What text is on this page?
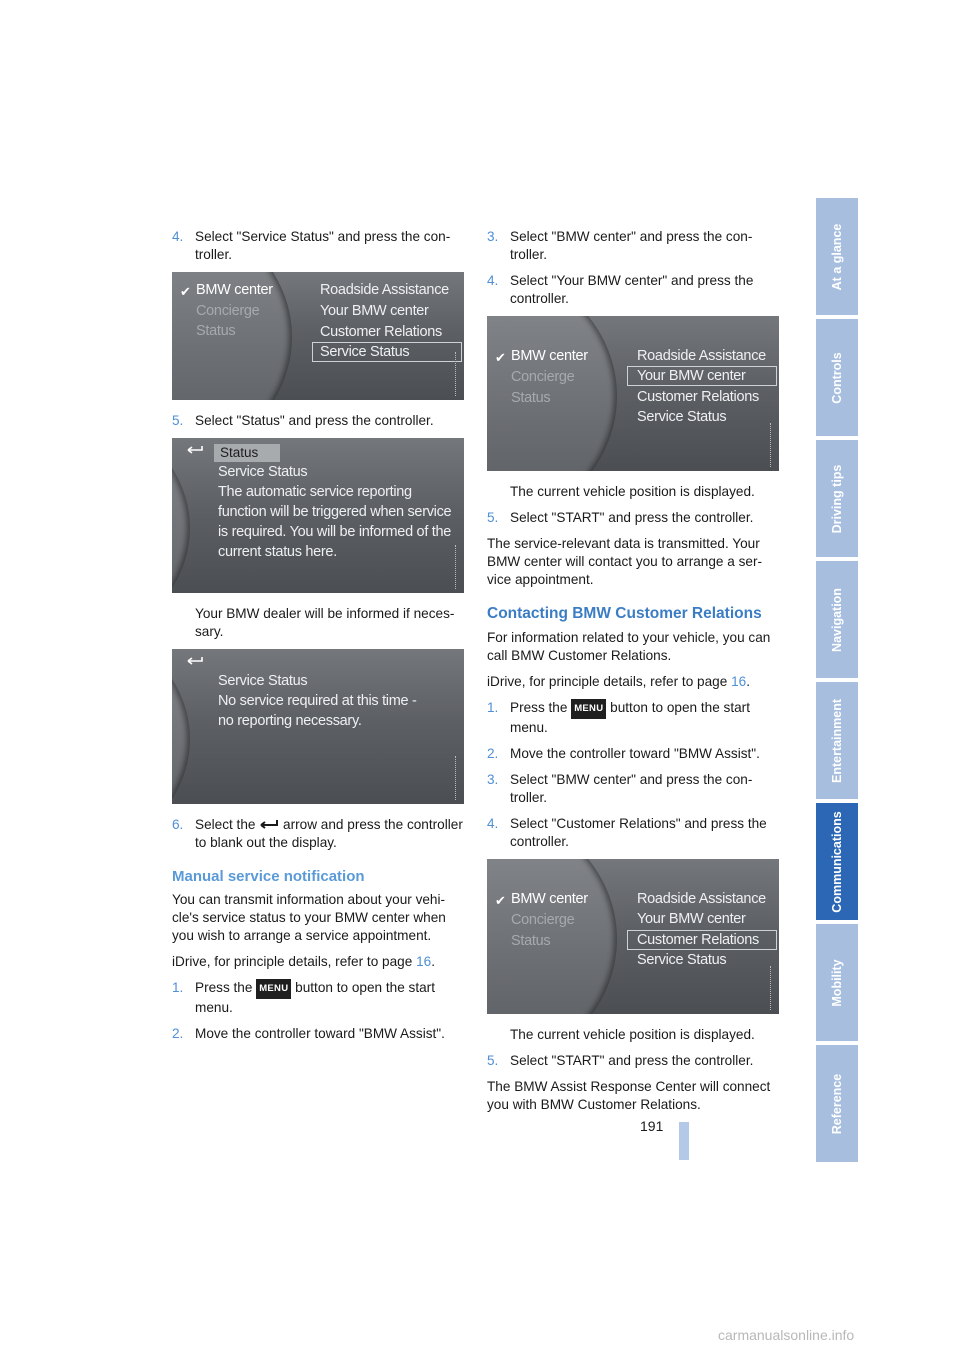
4. Select "Service Status" and press the con-troller.
✔ BMW center
Concierge
Status
Roadside Assistance
Your BMW center
Customer Relations
Service Status
5. Select "Status" and press the controller.
Status
Service Status
The automatic service reporting
function will be triggered when service
is required. You will be informed of the
current status here.
Your BMW dealer will be informed if neces-sary.
Service Status
No service required at this time -
no reporting necessary.
6. Select the arrow and press the controller to blank out the display.
Manual service notification
You can transmit information about your vehi-cle's service status to your BMW center when you wish to arrange a service appointment.
iDrive, for principle details, refer to page 16.
1. Press the MENU button to open the start menu.
2. Move the controller toward "BMW Assist".
3. Select "BMW center" and press the con-troller.
4. Select "Your BMW center" and press the controller.
✔ BMW center
Concierge
Status
Roadside Assistance
Your BMW center
Customer Relations
Service Status
The current vehicle position is displayed.
5. Select "START" and press the controller.
The service-relevant data is transmitted. Your BMW center will contact you to arrange a ser-vice appointment.
Contacting BMW Customer Relations
For information related to your vehicle, you can call BMW Customer Relations.
iDrive, for principle details, refer to page 16.
1. Press the MENU button to open the start menu.
2. Move the controller toward "BMW Assist".
3. Select "BMW center" and press the con-troller.
4. Select "Customer Relations" and press the controller.
✔ BMW center
Concierge
Status
Roadside Assistance
Your BMW center
Customer Relations
Service Status
The current vehicle position is displayed.
5. Select "START" and press the controller.
The BMW Assist Response Center will connect you with BMW Customer Relations.
At a glance
Controls
Driving tips
Navigation
Entertainment
Communications
Mobility
Reference
191
carmanualsonline.info
